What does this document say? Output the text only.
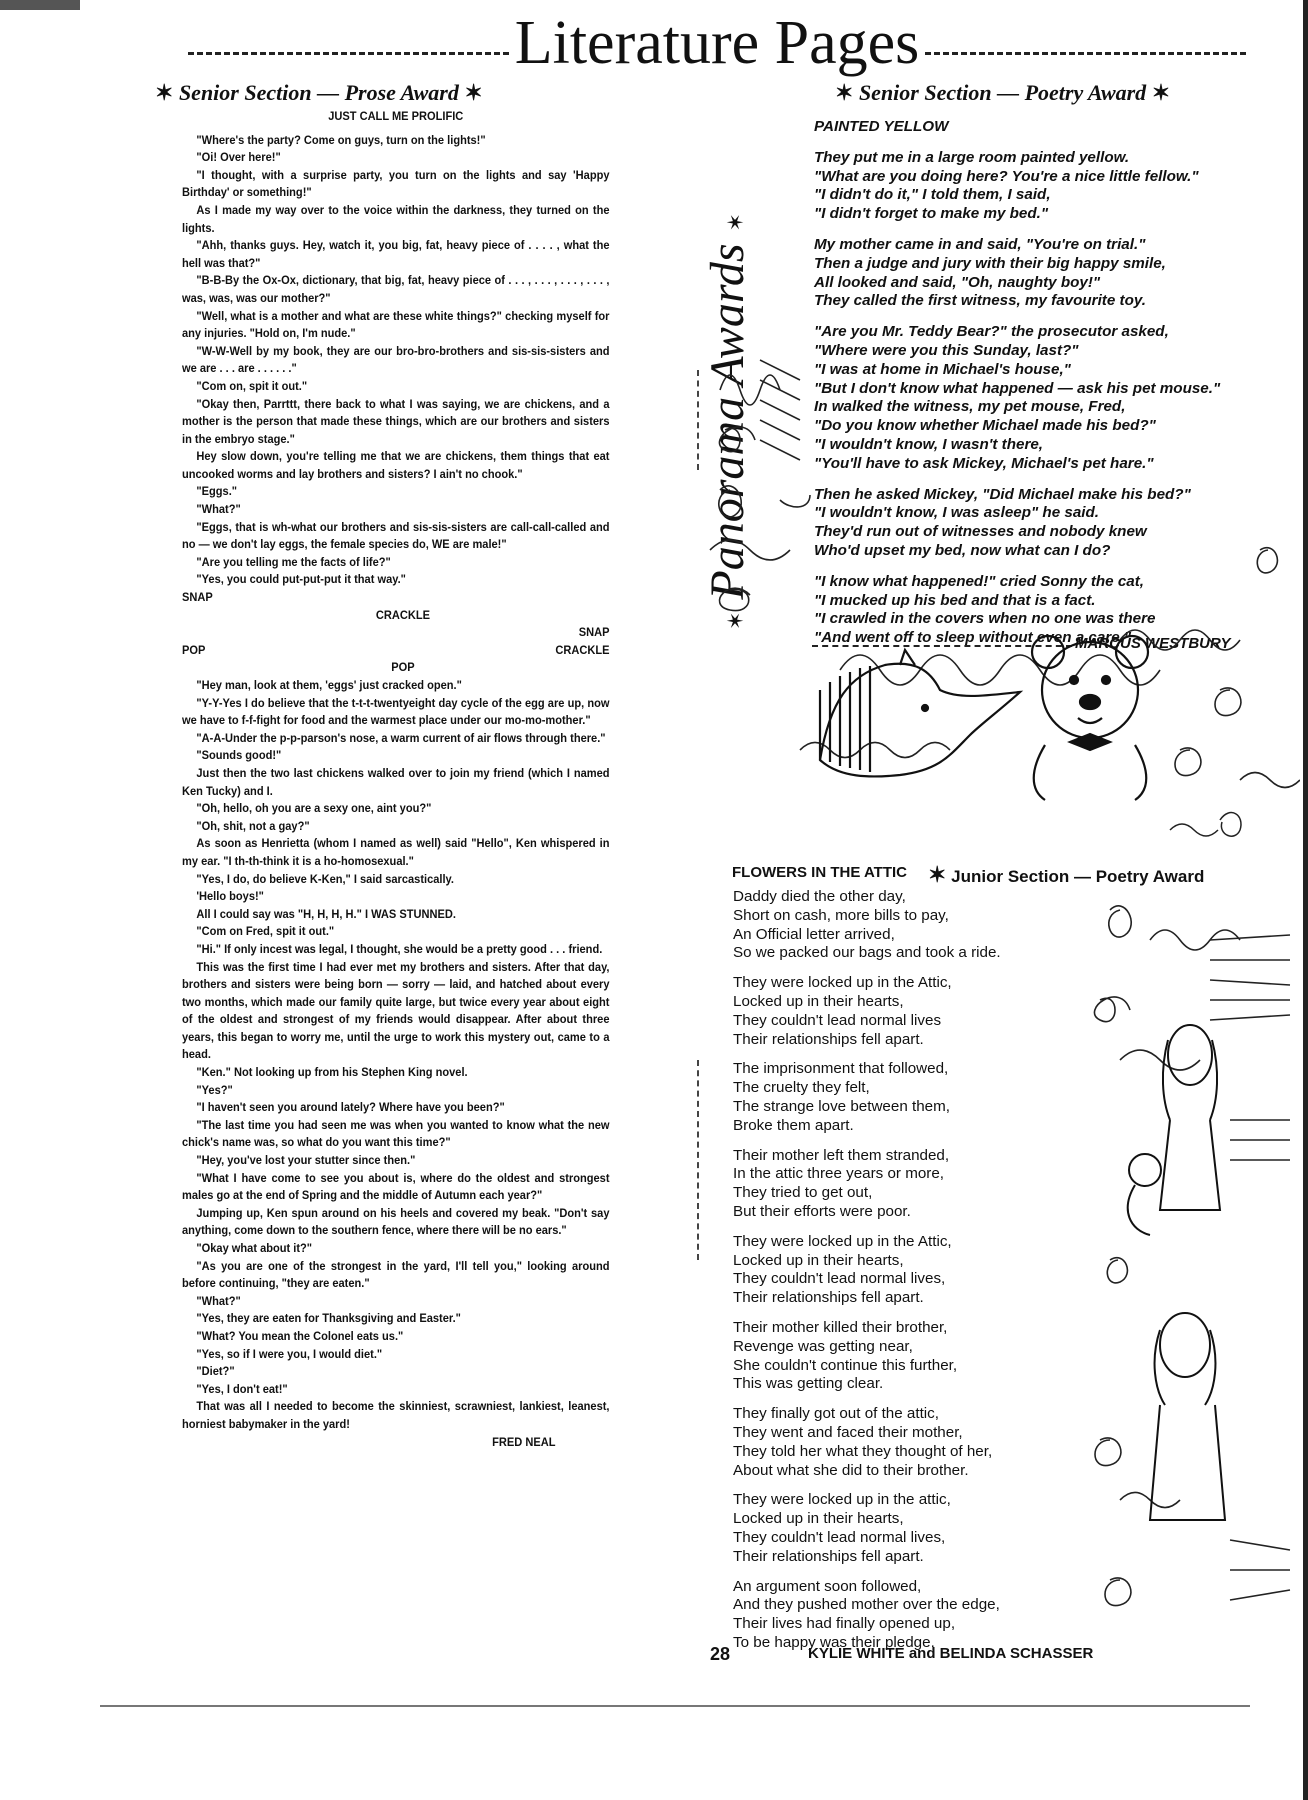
Literature Pages
✶ Senior Section — Prose Award ✶
JUST CALL ME PROLIFIC

"Where's the party? Come on guys, turn on the lights!"

"Oi! Over here!"

"I thought, with a surprise party, you turn on the lights and say 'Happy Birthday' or something!"

As I made my way over to the voice within the darkness, they turned on the lights.

"Ahh, thanks guys. Hey, watch it, you big, fat, heavy piece of . . . . , what the hell was that?"

"B-B-By the Ox-Ox, dictionary, that big, fat, heavy piece of . . . , . . . , . . . , . . . , was, was, was our mother?"

"Well, what is a mother and what are these white things?" checking myself for any injuries. "Hold on, I'm nude."

"W-W-Well by my book, they are our bro-bro-brothers and sis-sis-sisters and we are . . . are . . . . . ."

"Com on, spit it out."

"Okay then, Parrttt, there back to what I was saying, we are chickens, and a mother is the person that made these things, which are our brothers and sisters in the embryo stage."

Hey slow down, you're telling me that we are chickens, them things that eat uncooked worms and lay brothers and sisters? I ain't no chook."

"Eggs."

"What?"

"Eggs, that is wh-what our brothers and sis-sis-sisters are call-call-called and no — we don't lay eggs, the female species do, WE are male!"

"Are you telling me the facts of life?"

"Yes, you could put-put-put it that way."

SNAP

CRACKLE

SNAP

POP	CRACKLE

POP

"Hey man, look at them, 'eggs' just cracked open."

"Y-Y-Yes I do believe that the t-t-t-twentyeight day cycle of the egg are up, now we have to f-f-fight for food and the warmest place under our mo-mo-mother."

"A-A-Under the p-p-parson's nose, a warm current of air flows through there."

"Sounds good!"

Just then the two last chickens walked over to join my friend (which I named Ken Tucky) and I.

"Oh, hello, oh you are a sexy one, aint you?"

"Oh, shit, not a gay?"

As soon as Henrietta (whom I named as well) said "Hello", Ken whispered in my ear. "I th-th-think it is a ho-homosexual."

"Yes, I do, do believe K-Ken," I said sarcastically.

'Hello boys!"

All I could say was "H, H, H, H." I WAS STUNNED.

"Com on Fred, spit it out."

"Hi." If only incest was legal, I thought, she would be a pretty good . . . friend.

This was the first time I had ever met my brothers and sisters. After that day, brothers and sisters were being born — sorry — laid, and hatched about every two months, which made our family quite large, but twice every year about eight of the oldest and strongest of my friends would disappear. After about three years, this began to worry me, until the urge to work this mystery out, came to a head.

"Ken." Not looking up from his Stephen King novel.

"Yes?"

"I haven't seen you around lately? Where have you been?"

"The last time you had seen me was when you wanted to know what the new chick's name was, so what do you want this time?"

"Hey, you've lost your stutter since then."

"What I have come to see you about is, where do the oldest and strongest males go at the end of Spring and the middle of Autumn each year?"

Jumping up, Ken spun around on his heels and covered my beak. "Don't say anything, come down to the southern fence, where there will be no ears."

"Okay what about it?"

"As you are one of the strongest in the yard, I'll tell you," looking around before continuing, "they are eaten."

"What?"

"Yes, they are eaten for Thanksgiving and Easter."

"What? You mean the Colonel eats us."

"Yes, so if I were you, I would diet."

"Diet?"

"Yes, I don't eat!"

That was all I needed to become the skinniest, scrawniest, lankiest, leanest, horniest babymaker in the yard!

FRED NEAL

✶ Panorama Awards ✶
✶ Senior Section — Poetry Award ✶
PAINTED YELLOW
They put me in a large room painted yellow.
"What are you doing here? You're a nice little fellow."
"I didn't do it," I told them, I said,
"I didn't forget to make my bed."
My mother came in and said, "You're on trial."
Then a judge and jury with their big happy smile,
All looked and said, "Oh, naughty boy!"
They called the first witness, my favourite toy.
"Are you Mr. Teddy Bear?" the prosecutor asked,
"Where were you this Sunday, last?"
"I was at home in Michael's house,"
"But I don't know what happened — ask his pet mouse."
In walked the witness, my pet mouse, Fred,
"Do you know whether Michael made his bed?"
"I wouldn't know, I wasn't there,
"You'll have to ask Mickey, Michael's pet hare."
Then he asked Mickey, "Did Michael make his bed?"
"I wouldn't know, I was asleep" he said.
They'd run out of witnesses and nobody knew
Who'd upset my bed, now what can I do?
"I know what happened!" cried Sonny the cat,
"I mucked up his bed and that is a fact.
"I crawled in the covers when no one was there
"And went off to sleep without even a care."
MARCUS WESTBURY
FLOWERS IN THE ATTIC ✶ Junior Section — Poetry Award
Daddy died the other day,
Short on cash, more bills to pay,
An Official letter arrived,
So we packed our bags and took a ride.
They were locked up in the Attic,
Locked up in their hearts,
They couldn't lead normal lives
Their relationships fell apart.
The imprisonment that followed,
The cruelty they felt,
The strange love between them,
Broke them apart.
Their mother left them stranded,
In the attic three years or more,
They tried to get out,
But their efforts were poor.
They were locked up in the Attic,
Locked up in their hearts,
They couldn't lead normal lives,
Their relationships fell apart.
Their mother killed their brother,
Revenge was getting near,
She couldn't continue this further,
This was getting clear.
They finally got out of the attic,
They went and faced their mother,
They told her what they thought of her,
About what she did to their brother.
They were locked up in the attic,
Locked up in their hearts,
They couldn't lead normal lives,
Their relationships fell apart.
An argument soon followed,
And they pushed mother over the edge,
Their lives had finally opened up,
To be happy was their pledge.
KYLIE WHITE and BELINDA SCHASSER
28
